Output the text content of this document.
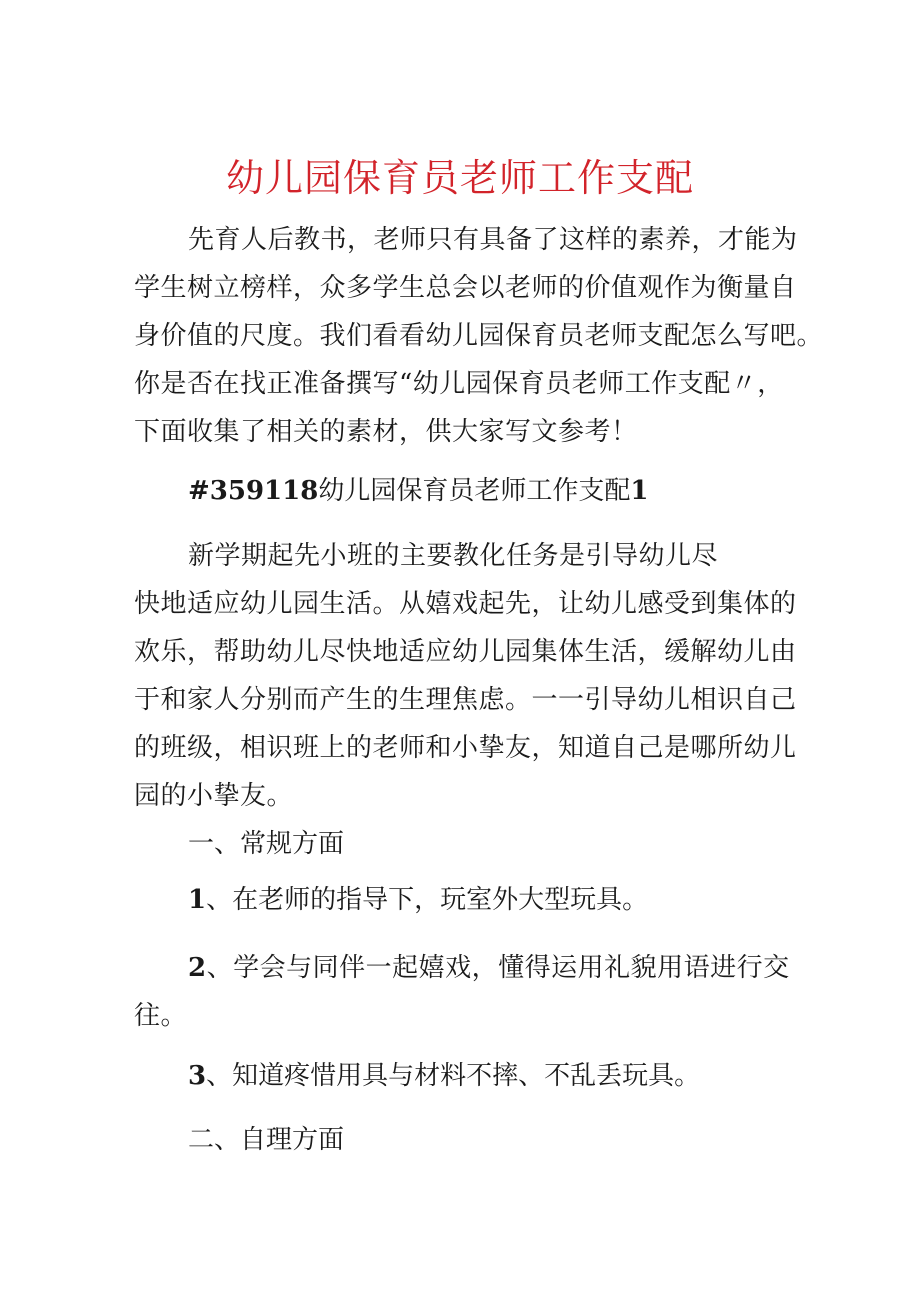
幼儿园保育员老师工作支配
先育人后教书，老师只有具备了这样的素养，才能为
学生树立榜样，众多学生总会以老师的价值观作为衡量自
身价值的尺度。我们看看幼儿园保育员老师支配怎么写吧。
你是否在找正准备撰写“幼儿园保育员老师工作支配〃，
下面收集了相关的素材，供大家写文参考！

#359118幼儿园保育员老师工作支配1

新学期起先小班的主要教化任务是引导幼儿尽
快地适应幼儿园生活。从嬉戏起先，让幼儿感受到集体的
欢乐，帮助幼儿尽快地适应幼儿园集体生活，缓解幼儿由
于和家人分别而产生的生理焦虑。一一引导幼儿相识自己
的班级，相识班上的老师和小挚友，知道自己是哪所幼儿
园的小挚友。

一、常规方面

1、在老师的指导下，玩室外大型玩具。

2、学会与同伴一起嬉戏，懂得运用礼貌用语进行交
往。

3、知道疼惜用具与材料不摔、不乱丢玩具。

二、自理方面
